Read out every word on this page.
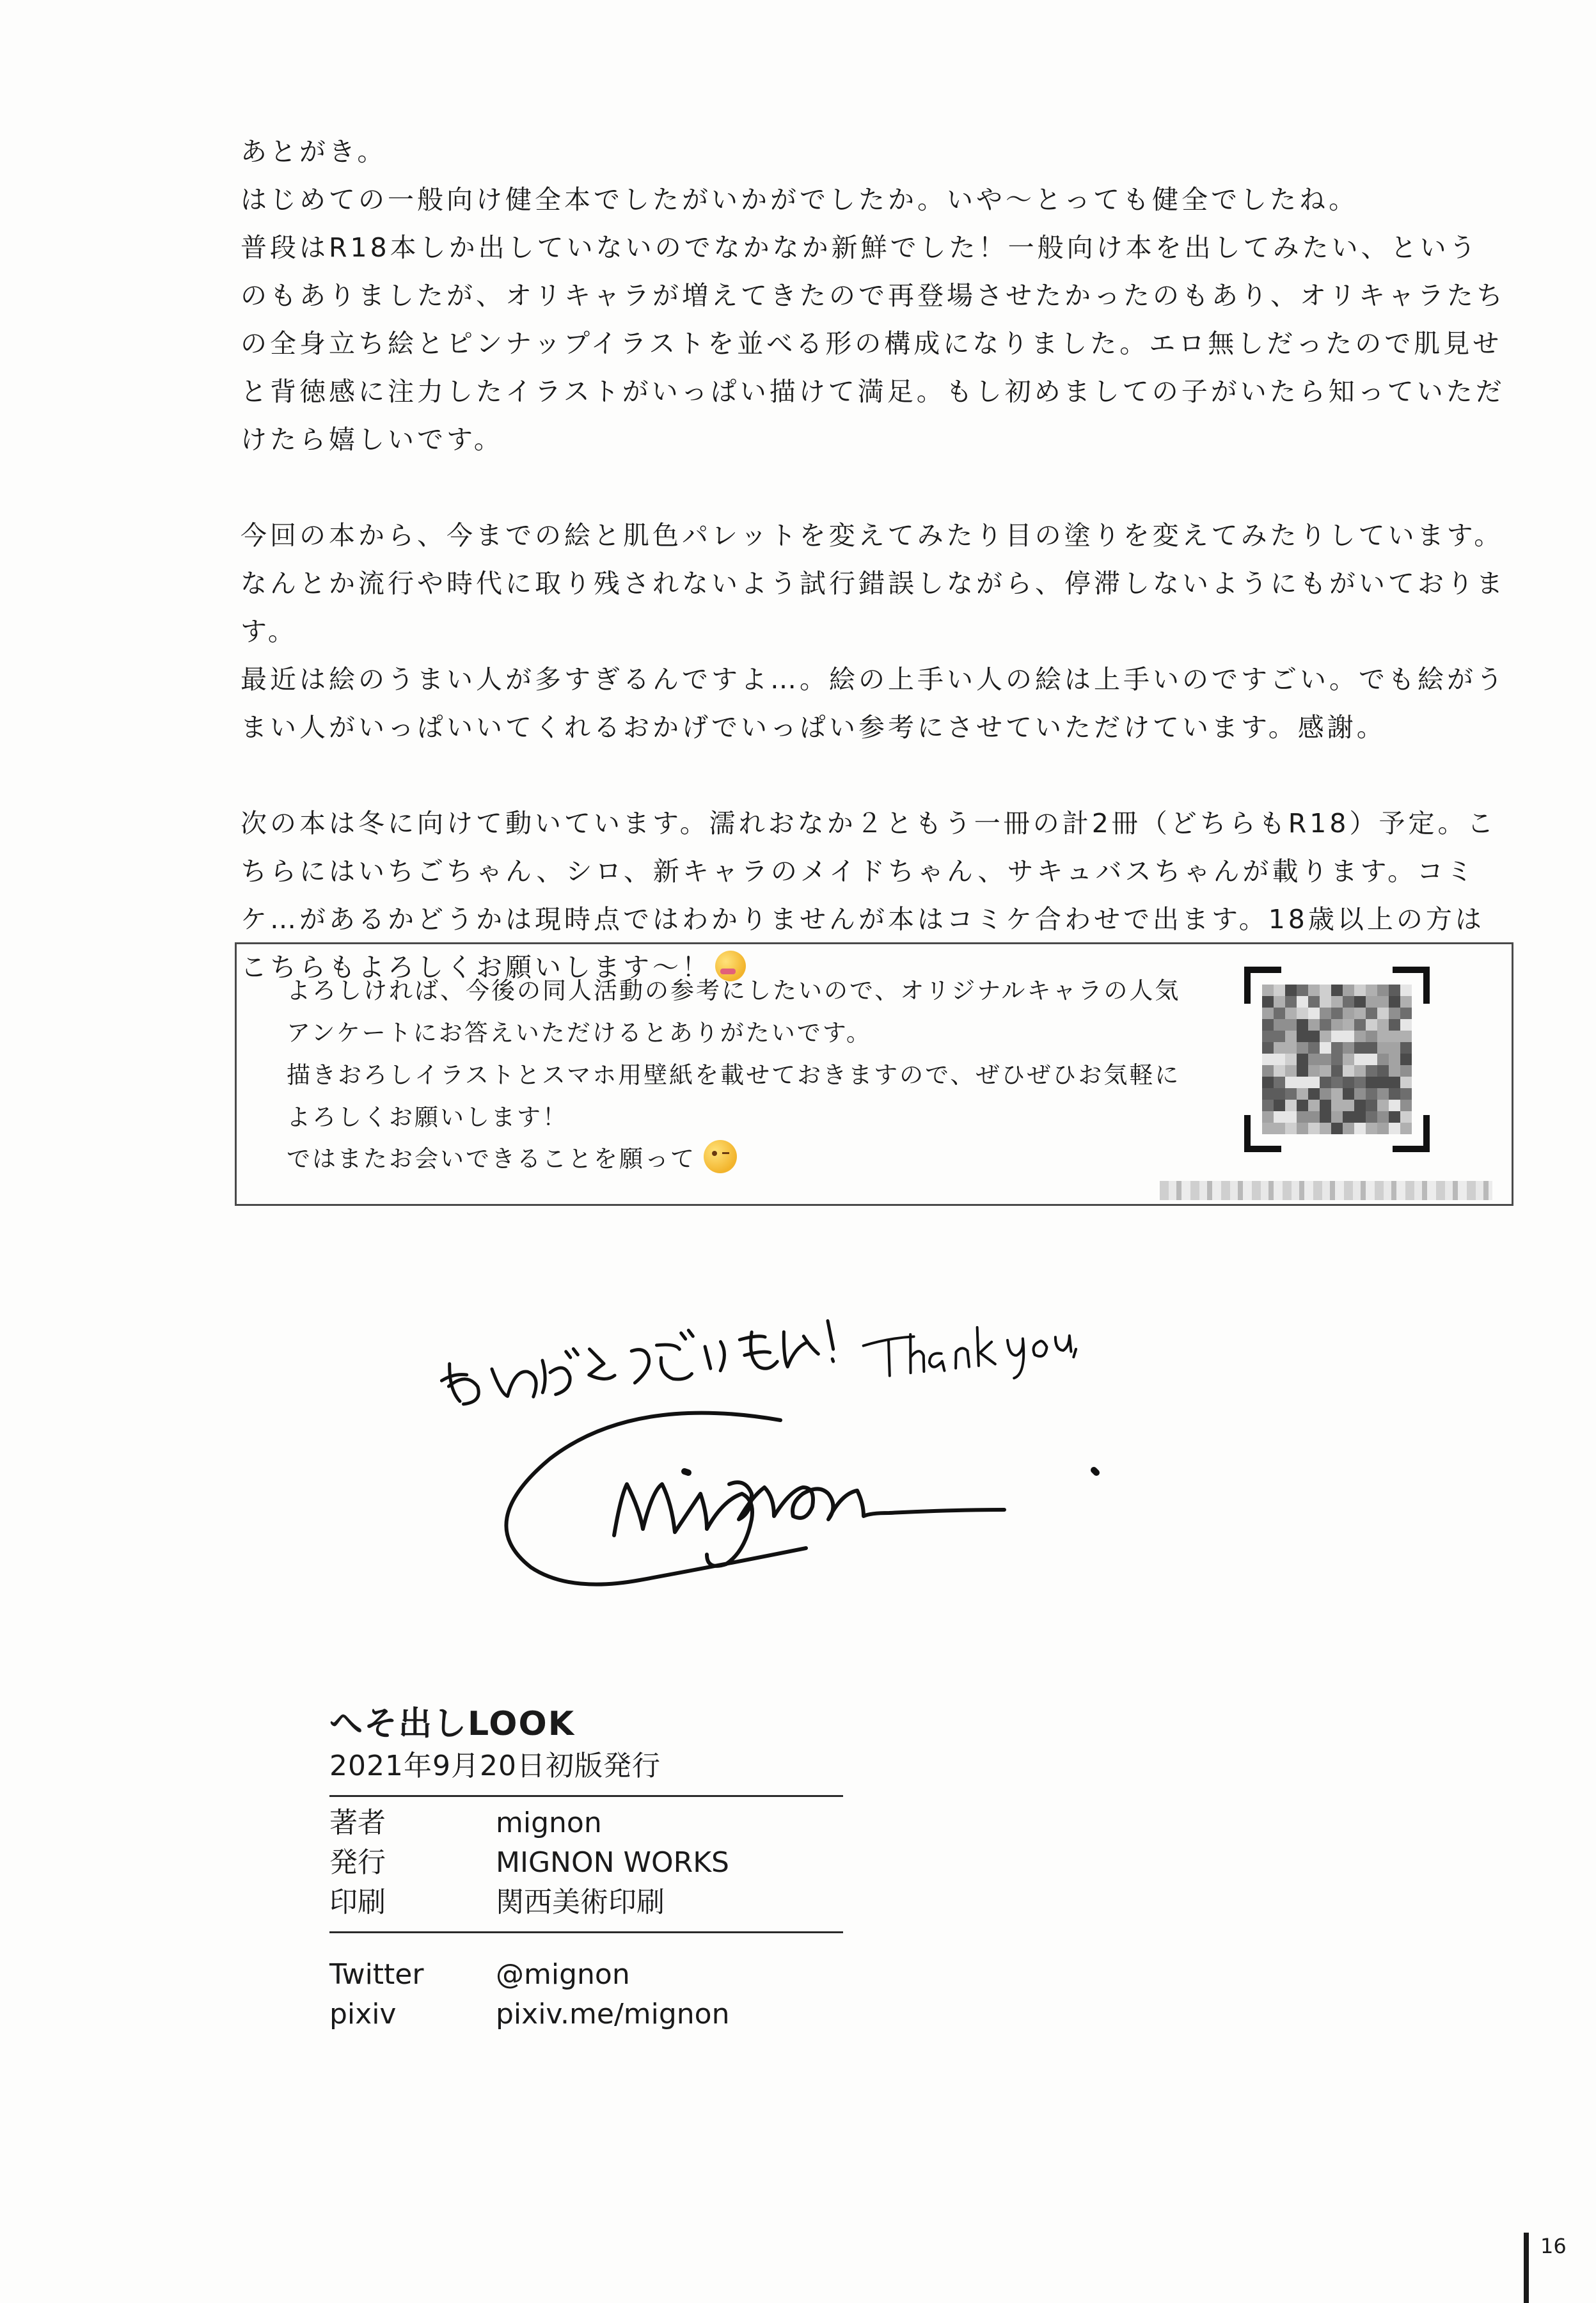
あとがき。
はじめての一般向け健全本でしたがいかがでしたか。いや～とっても健全でしたね。
普段はR18本しか出していないのでなかなか新鮮でした！一般向け本を出してみたい、というのもありましたが、オリキャラが増えてきたので再登場させたかったのもあり、オリキャラたちの全身立ち絵とピンナップイラストを並べる形の構成になりました。エロ無しだったので肌見せと背徳感に注力したイラストがいっぱい描けて満足。もし初めましての子がいたら知っていただけたら嬉しいです。

今回の本から、今までの絵と肌色パレットを変えてみたり目の塗りを変えてみたりしています。なんとか流行や時代に取り残されないよう試行錯誤しながら、停滞しないようにもがいております。
最近は絵のうまい人が多すぎるんですよ…。絵の上手い人の絵は上手いのですごい。でも絵がうまい人がいっぱいいてくれるおかげでいっぱい参考にさせていただけています。感謝。

次の本は冬に向けて動いています。濡れおなか２ともう一冊の計2冊（どちらもR18）予定。こちらにはいちごちゃん、シロ、新キャラのメイドちゃん、サキュバスちゃんが載ります。コミケ…があるかどうかは現時点ではわかりませんが本はコミケ合わせで出ます。18歳以上の方はこちらもよろしくお願いします～！

よろしければ、今後の同人活動の参考にしたいので、オリジナルキャラの人気
アンケートにお答えいただけるとありがたいです。
描きおろしイラストとスマホ用壁紙を載せておきますので、ぜひぜひお気軽に
よろしくお願いします！
ではまたお会いできることを願って
ありがとうございました！
へそ出しLOOK
2021年9月20日初版発行
著者	mignon
発行	MIGNON WORKS
印刷	関西美術印刷
Twitter	@mignon
pixiv	pixiv.me/mignon
16
